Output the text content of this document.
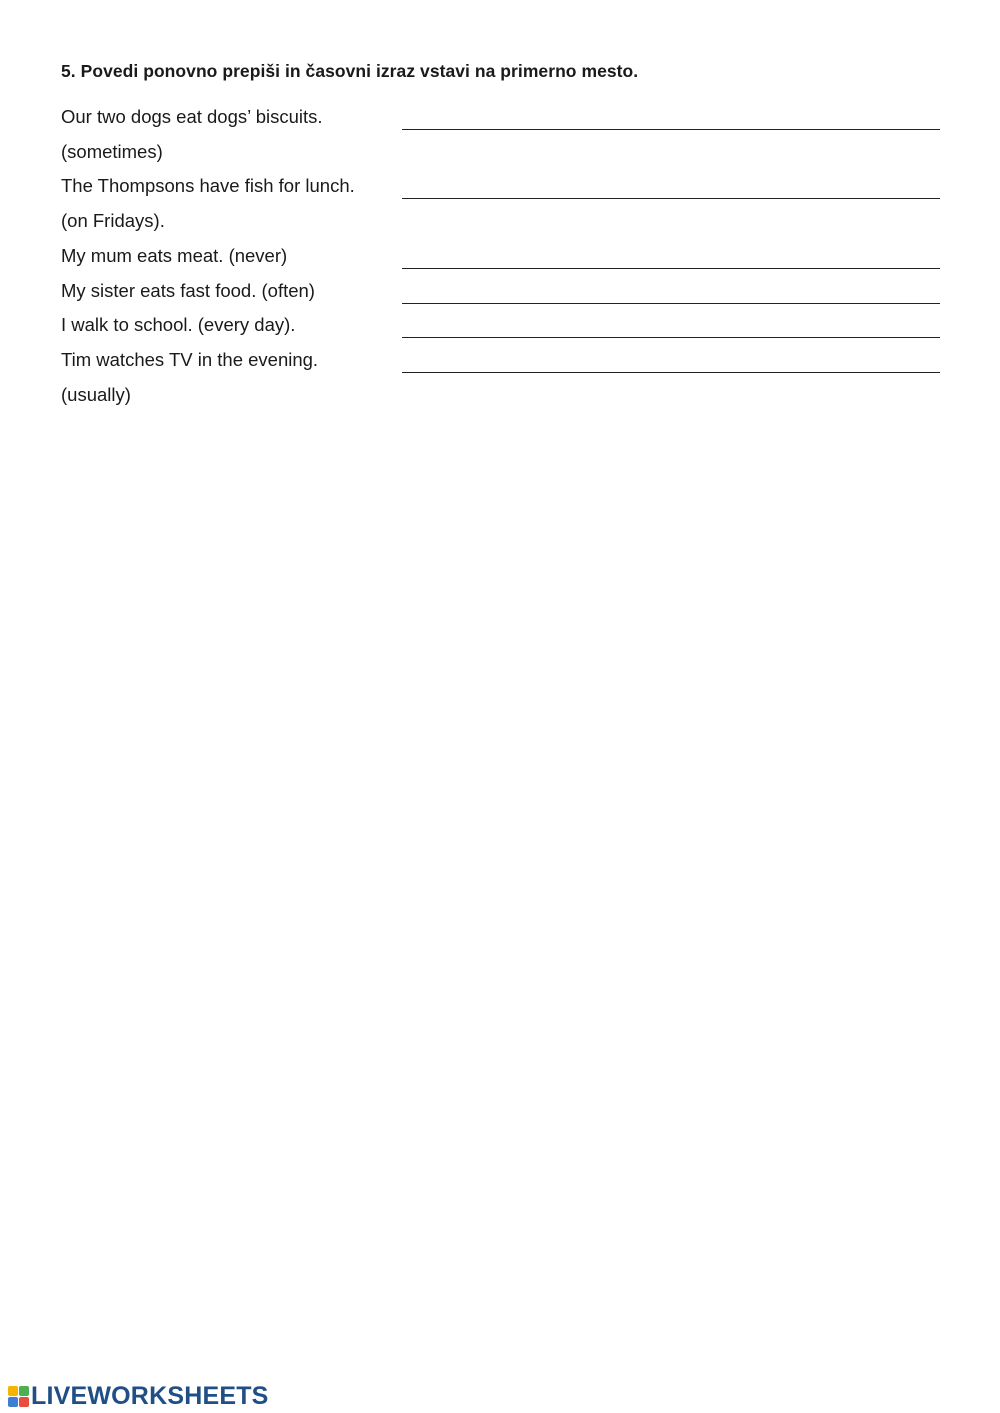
5. Povedi ponovno prepiši in časovni izraz vstavi na primerno mesto.
Our two dogs eat dogs’ biscuits.
(sometimes)
The Thompsons have fish for lunch.
(on Fridays).
My mum eats meat. (never)
My sister eats fast food. (often)
I walk to school. (every day).
Tim watches TV in the evening.
(usually)
LIVEWORKSHEETS
